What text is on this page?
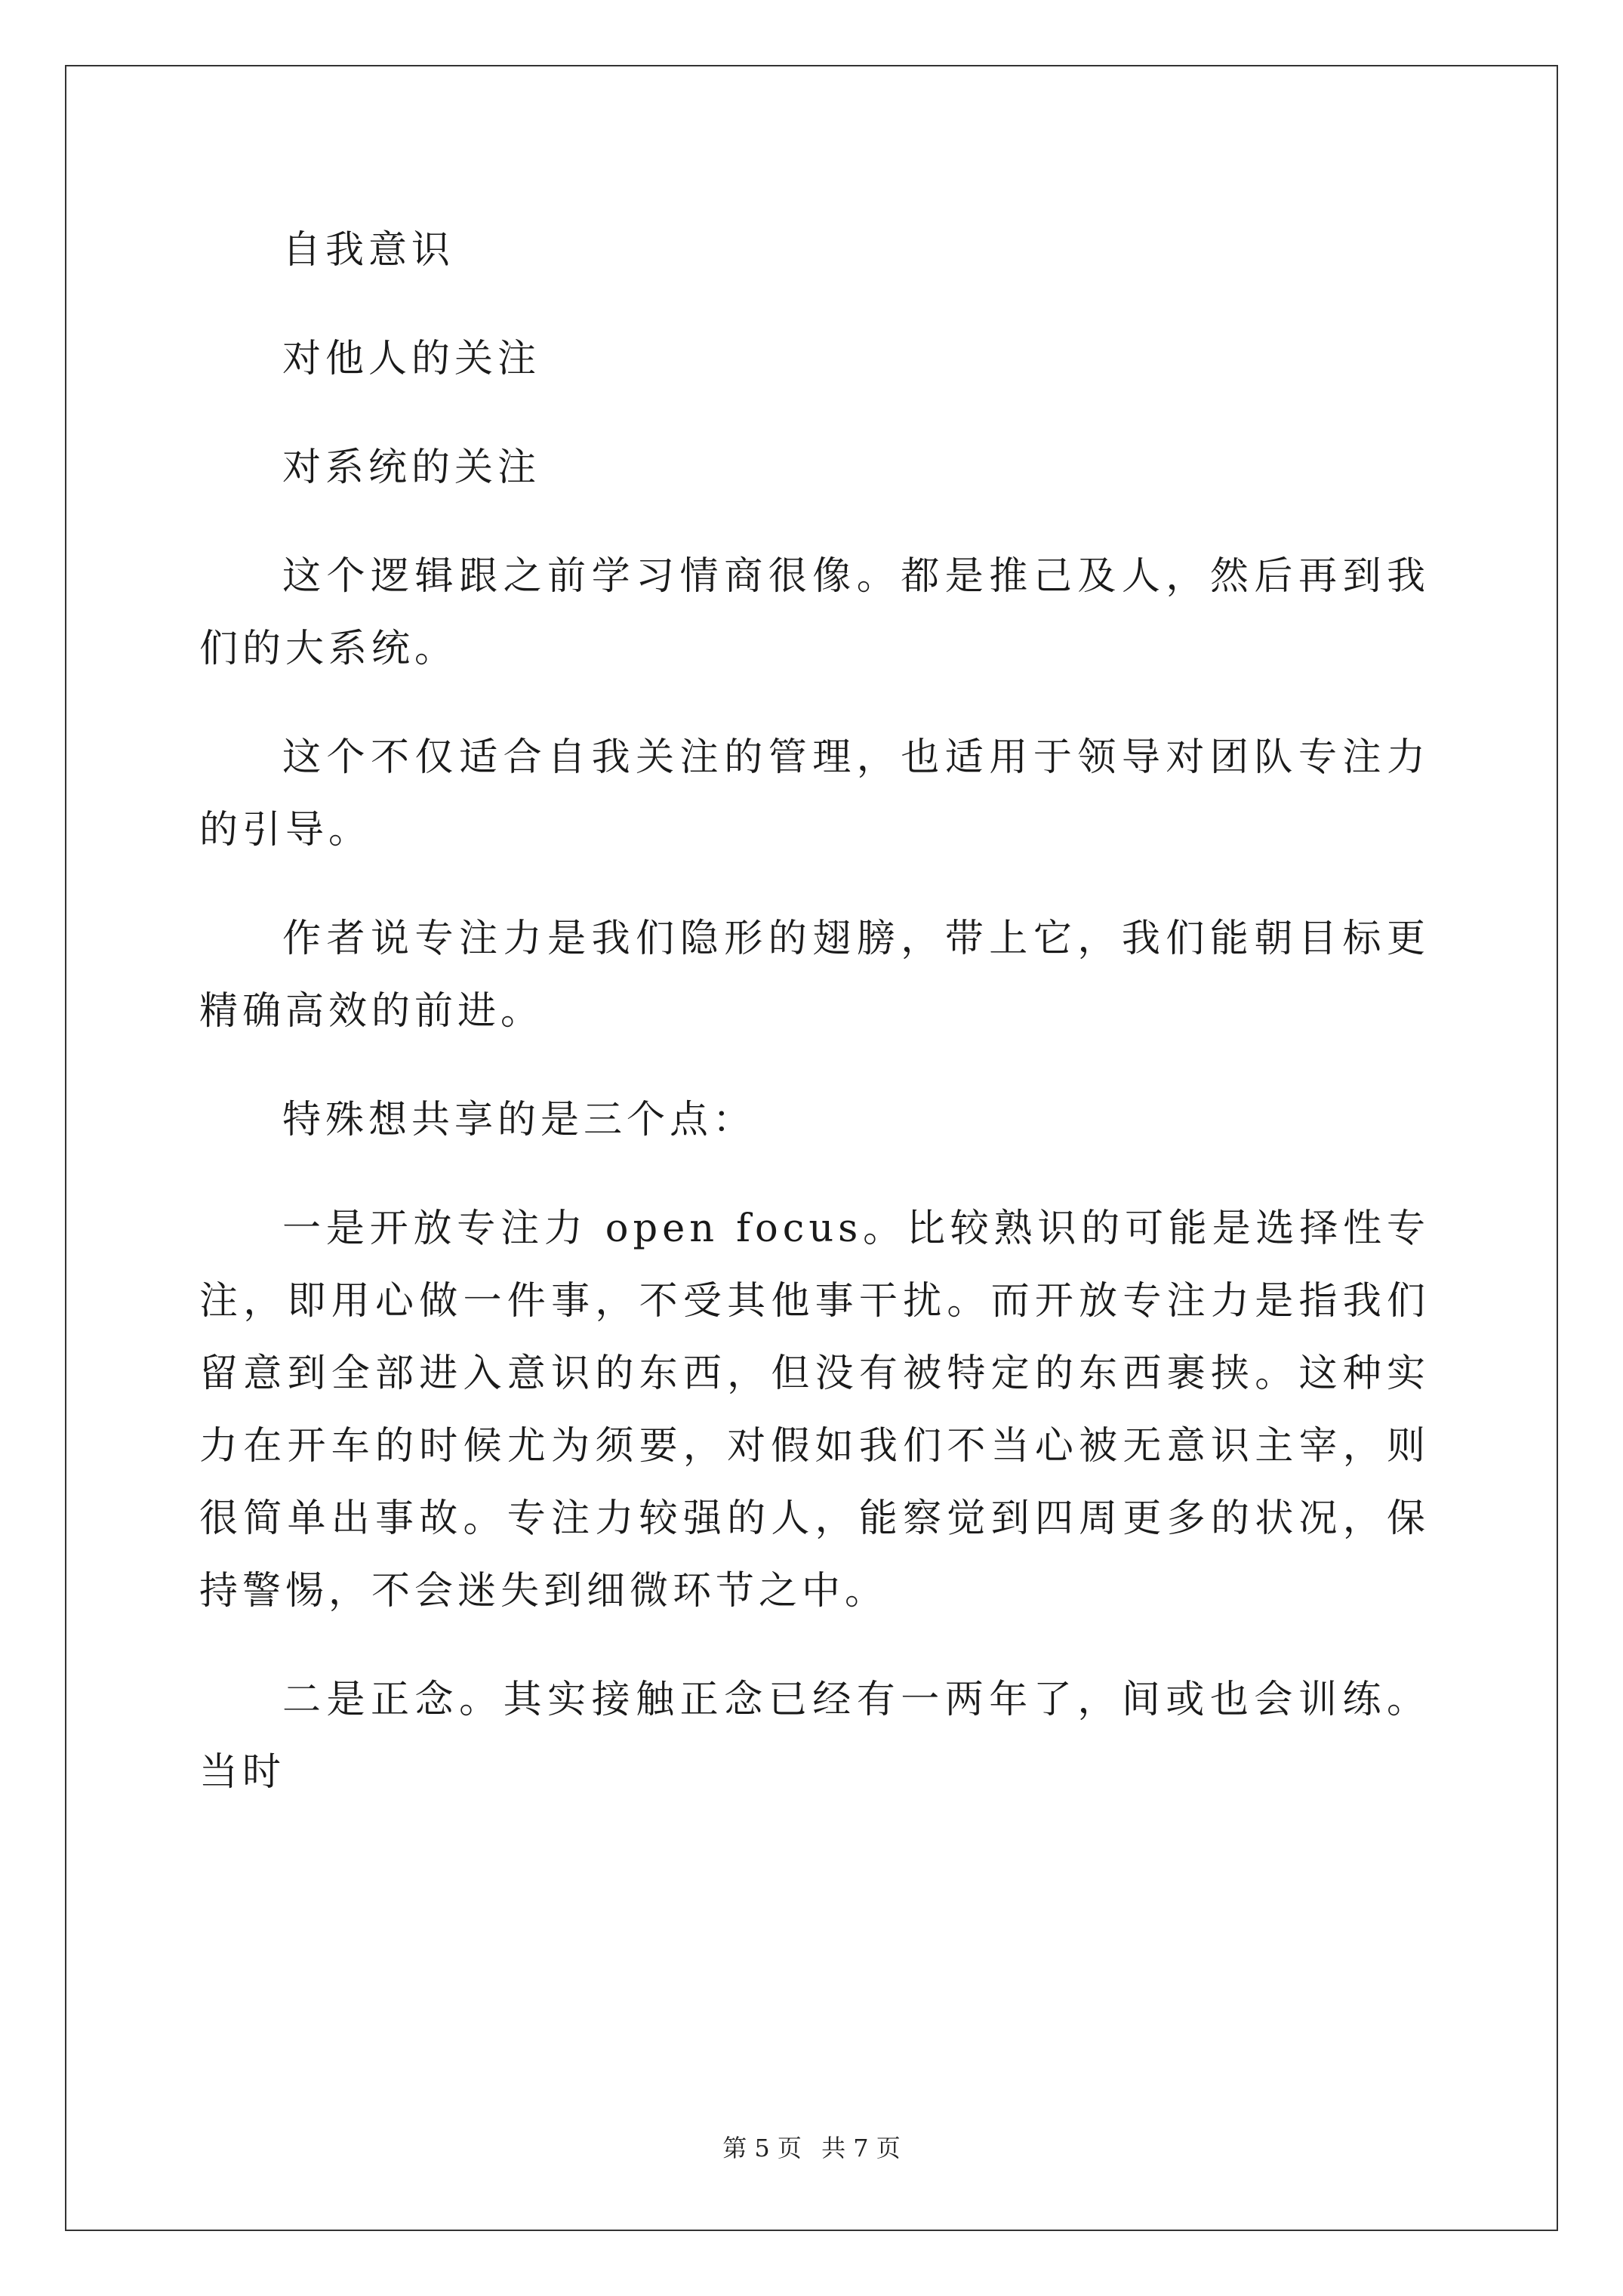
自我意识

对他人的关注

对系统的关注

这个逻辑跟之前学习情商很像。都是推己及人，然后再到我们的大系统。

这个不仅适合自我关注的管理，也适用于领导对团队专注力的引导。

作者说专注力是我们隐形的翅膀，带上它，我们能朝目标更精确高效的前进。

特殊想共享的是三个点：

一是开放专注力 open focus。比较熟识的可能是选择性专注，即用心做一件事，不受其他事干扰。而开放专注力是指我们留意到全部进入意识的东西，但没有被特定的东西裹挟。这种实力在开车的时候尤为须要，对假如我们不当心被无意识主宰，则很简单出事故。专注力较强的人，能察觉到四周更多的状况，保持警惕，不会迷失到细微环节之中。

二是正念。其实接触正念已经有一两年了，间或也会训练。当时

第 5 页 共 7 页
